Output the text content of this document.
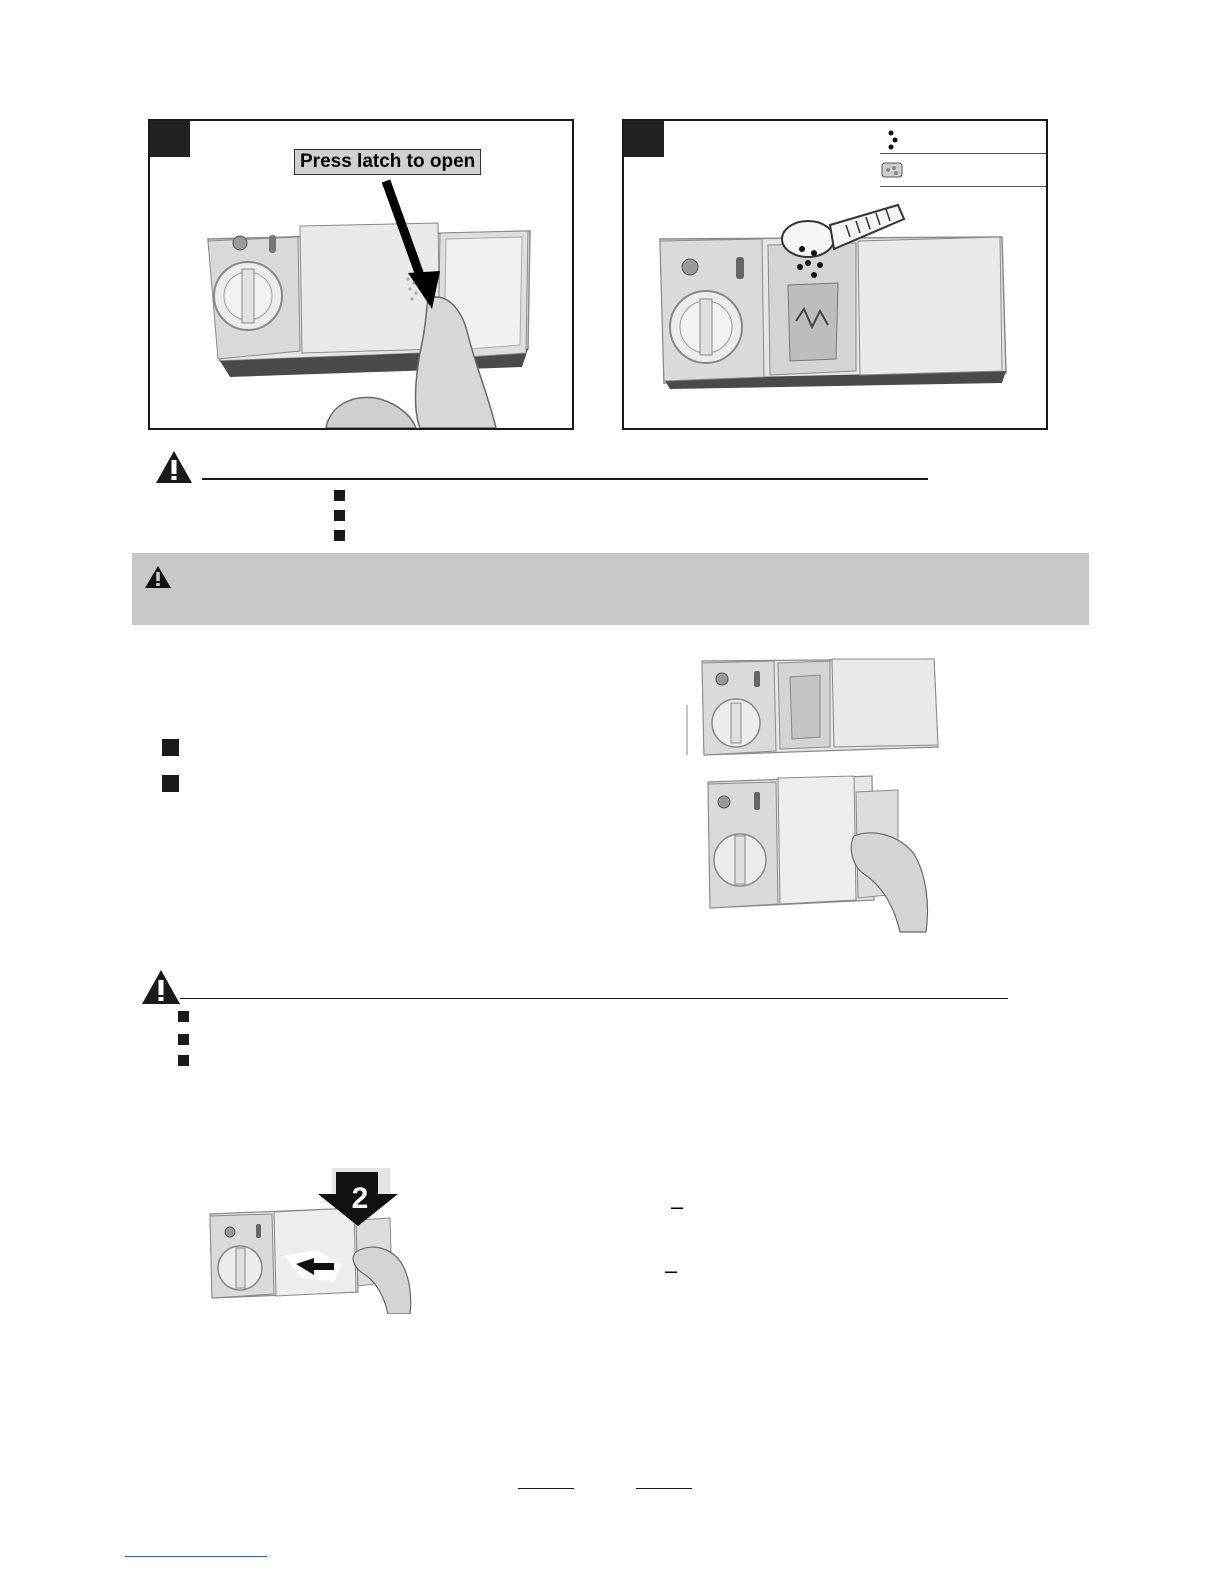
Press latch to open
2	–
–
